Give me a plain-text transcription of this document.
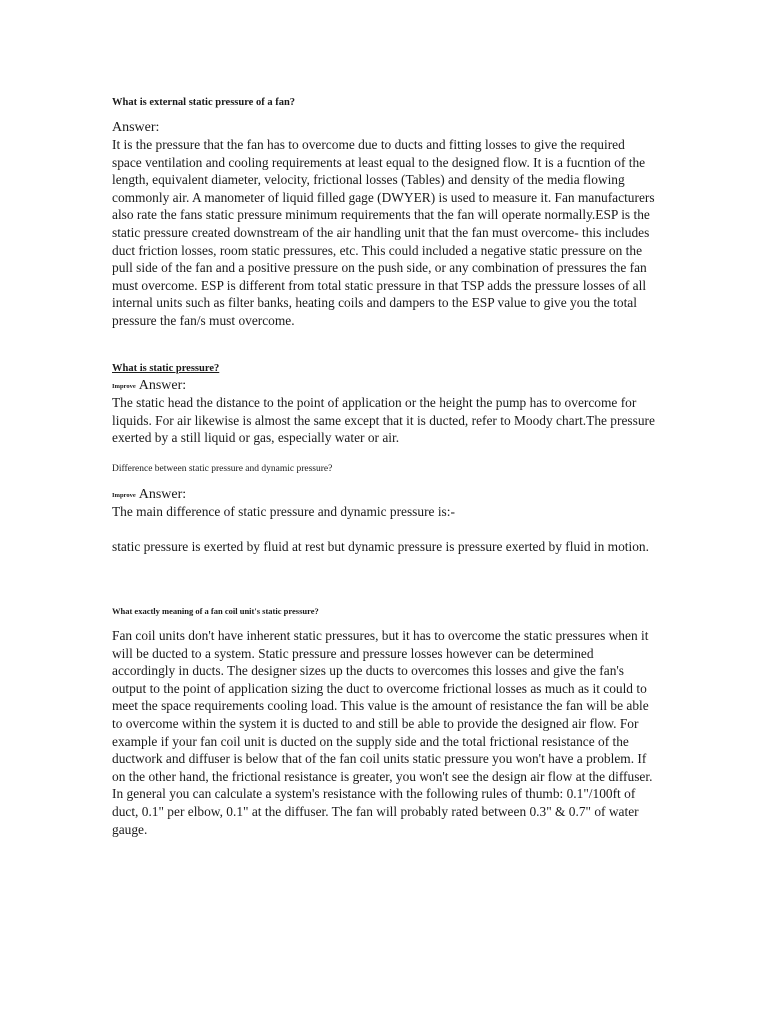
What is external static pressure of a fan?

Answer:

It is the pressure that the fan has to overcome due to ducts and fitting losses to give the required space ventilation and cooling requirements at least equal to the designed flow. It is a fucntion of the length, equivalent diameter, velocity, frictional losses (Tables) and density of the media flowing commonly air. A manometer of liquid filled gage (DWYER) is used to measure it. Fan manufacturers also rate the fans static pressure minimum requirements that the fan will operate normally.ESP is the static pressure created downstream of the air handling unit that the fan must overcome- this includes duct friction losses, room static pressures, etc. This could included a negative static pressure on the pull side of the fan and a positive pressure on the push side, or any combination of pressures the fan must overcome. ESP is different from total static pressure in that TSP adds the pressure losses of all internal units such as filter banks, heating coils and dampers to the ESP value to give you the total pressure the fan/s must overcome.

What is static pressure?

Improve Answer:

The static head the distance to the point of application or the height the pump has to overcome for liquids. For air likewise is almost the same except that it is ducted, refer to Moody chart.The pressure exerted by a still liquid or gas, especially water or air.

Difference between static pressure and dynamic pressure?

Improve Answer:

The main difference of static pressure and dynamic pressure is:-

static pressure is exerted by fluid at rest but dynamic pressure is pressure exerted by fluid in motion.

What exactly meaning of a fan coil unit's static pressure?

Fan coil units don't have inherent static pressures, but it has to overcome the static pressures when it will be ducted to a system. Static pressure and pressure losses however can be determined accordingly in ducts. The designer sizes up the ducts to overcomes this losses and give the fan's output to the point of application sizing the duct to overcome frictional losses as much as it could to meet the space requirements cooling load. This value is the amount of resistance the fan will be able to overcome within the system it is ducted to and still be able to provide the designed air flow. For example if your fan coil unit is ducted on the supply side and the total frictional resistance of the ductwork and diffuser is below that of the fan coil units static pressure you won't have a problem. If on the other hand, the frictional resistance is greater, you won't see the design air flow at the diffuser. In general you can calculate a system's resistance with the following rules of thumb: 0.1"/100ft of duct, 0.1" per elbow, 0.1" at the diffuser. The fan will probably rated between 0.3" & 0.7" of water gauge.
